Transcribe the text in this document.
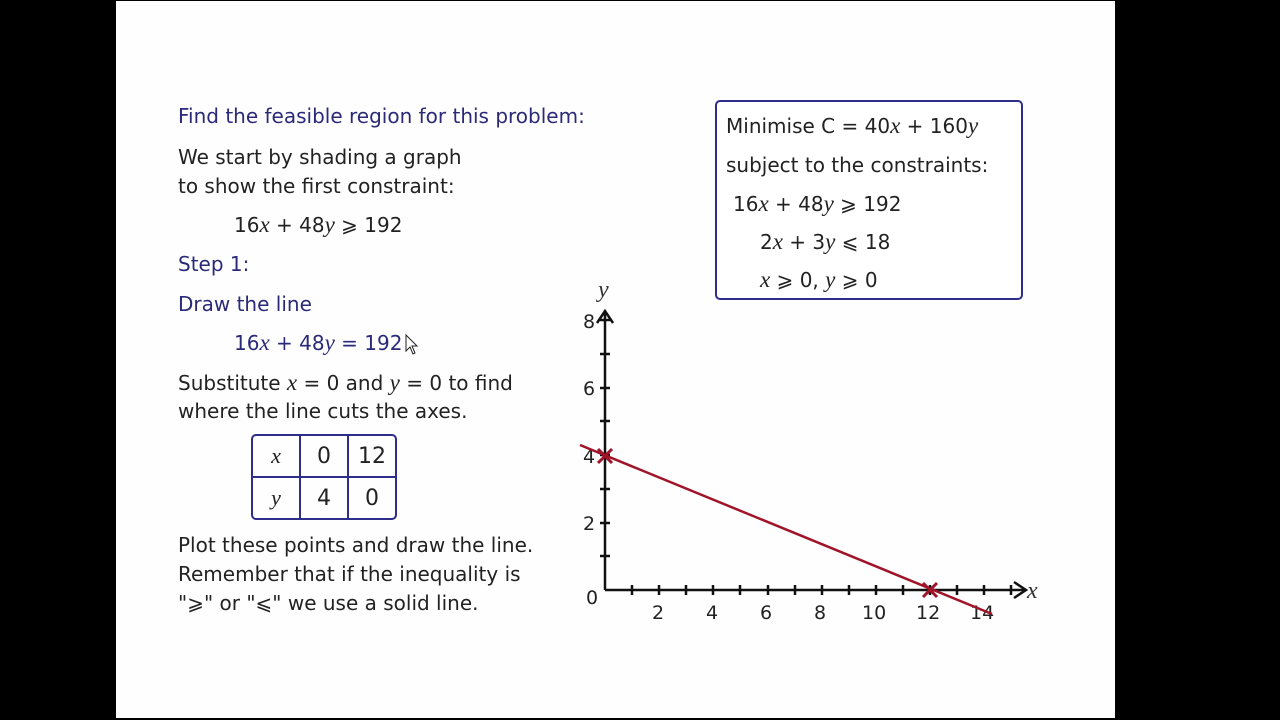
Find the feasible region for this problem:
We start by shading a graph
to show the first constraint:
16x + 48y ⩾ 192
Step 1:
Draw the line
16x + 48y = 192
Substitute x = 0 and y = 0 to find
where the line cuts the axes.
x	0	12
y	4	0
Plot these points and draw the line.
Remember that if the inequality is
"⩾" or "⩽" we use a solid line.
Minimise C = 40x + 160y
subject to the constraints:
16x + 48y ⩾ 192
2x + 3y ⩽ 18
x ⩾ 0, y ⩾ 0
0
2 4 6 8 10 12 14
2
4
6
8
y
x
